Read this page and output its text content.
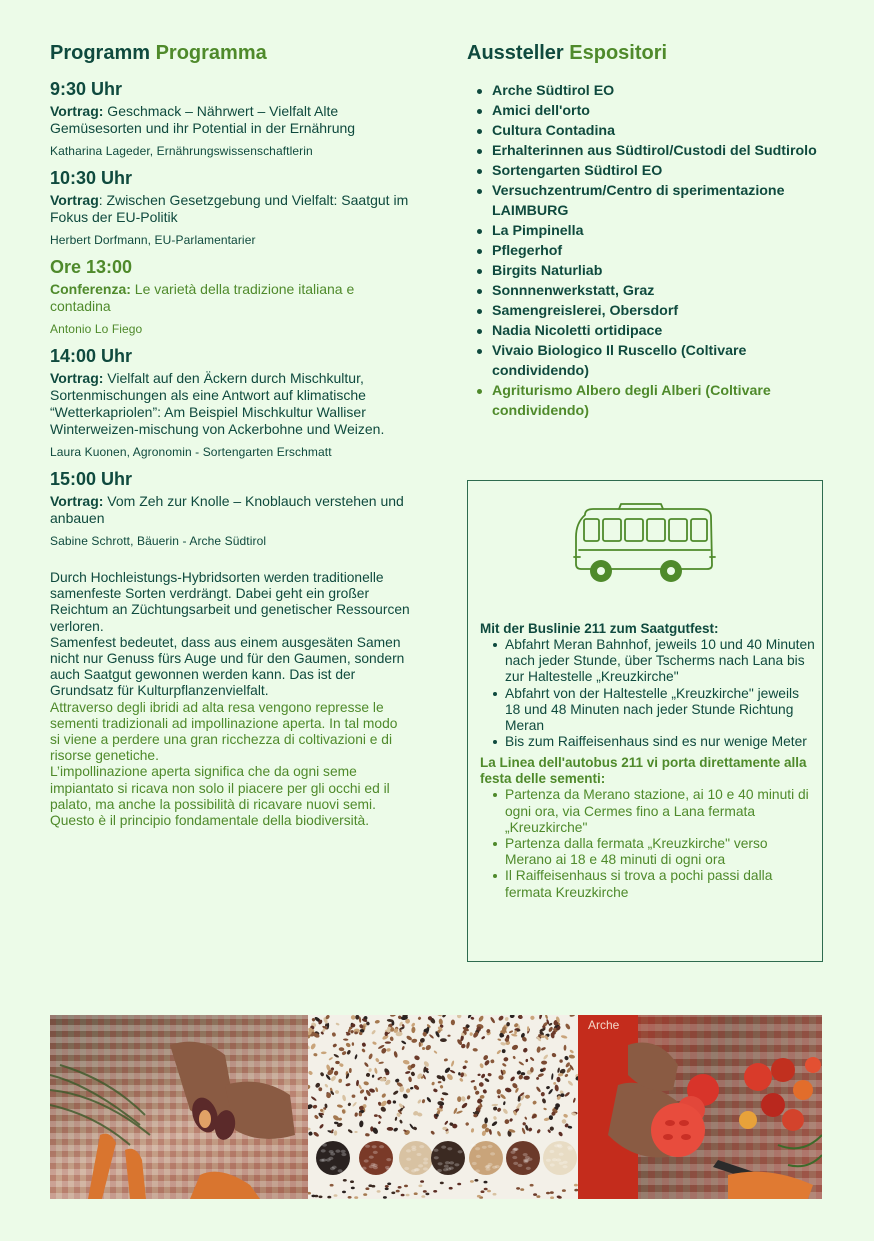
Programm Programma
9:30 Uhr
Vortrag: Geschmack – Nährwert – Vielfalt Alte Gemüsesorten und ihr Potential in der Ernährung
Katharina Lageder, Ernährungswissenschaftlerin
10:30 Uhr
Vortrag: Zwischen Gesetzgebung und Vielfalt: Saatgut im Fokus der EU-Politik
Herbert Dorfmann, EU-Parlamentarier
Ore 13:00
Conferenza: Le varietà della tradizione italiana e contadina
Antonio Lo Fiego
14:00 Uhr
Vortrag: Vielfalt auf den Äckern durch Mischkultur, Sortenmischungen als eine Antwort auf klimatische “Wetterkapriolen”: Am Beispiel Mischkultur Walliser Winterweizen-mischung von Ackerbohne und Weizen.
Laura Kuonen, Agronomin - Sortengarten Erschmatt
15:00 Uhr
Vortrag: Vom Zeh zur Knolle – Knoblauch verstehen und anbauen
Sabine Schrott, Bäuerin - Arche Südtirol

Durch Hochleistungs-Hybridsorten werden traditionelle samenfeste Sorten verdrängt. Dabei geht ein großer Reichtum an Züchtungsarbeit und genetischer Ressourcen verloren.
Samenfest bedeutet, dass aus einem ausgesäten Samen nicht nur Genuss fürs Auge und für den Gaumen, sondern auch Saatgut gewonnen werden kann. Das ist der Grundsatz für Kulturpflanzenvielfalt.

Attraverso degli ibridi ad alta resa vengono represse le sementi tradizionali ad impollinazione aperta. In tal modo si viene a perdere una gran ricchezza di coltivazioni e di risorse genetiche.
L’impollinazione aperta significa che da ogni seme impiantato si ricava non solo il piacere per gli occhi ed il palato, ma anche la possibilità di ricavare nuovi semi. Questo è il principio fondamentale della biodiversità.

Aussteller Espositori
Arche Südtirol EO
Amici dell'orto
Cultura Contadina
Erhalterinnen aus Südtirol/Custodi del Sudtirolo
Sortengarten Südtirol EO
Versuchzentrum/Centro di sperimentazione LAIMBURG
La Pimpinella
Pflegerhof
Birgits Naturliab
Sonnnenwerkstatt, Graz
Samengreislerei, Obersdorf
Nadia Nicoletti ortidipace
Vivaio Biologico Il Ruscello (Coltivare condividendo)
Agriturismo Albero degli Alberi (Coltivare condividendo)
Mit der Buslinie 211 zum Saatgutfest:
Abfahrt Meran Bahnhof, jeweils 10 und 40 Minuten nach jeder Stunde, über Tscherms nach Lana bis zur Haltestelle „Kreuzkirche"
Abfahrt von der Haltestelle „Kreuzkirche" jeweils 18 und 48 Minuten nach jeder Stunde Richtung Meran
Bis zum Raiffeisenhaus sind es nur wenige Meter
La Linea dell'autobus 211 vi porta direttamente alla festa delle sementi:
Partenza da Merano stazione, ai 10 e 40 minuti di ogni ora, via Cermes fino a Lana fermata „Kreuzkirche"
Partenza dalla fermata „Kreuzkirche" verso Merano ai 18 e 48 minuti di ogni ora
Il Raiffeisenhaus si trova a pochi passi dalla fermata Kreuzkirche
Arche
